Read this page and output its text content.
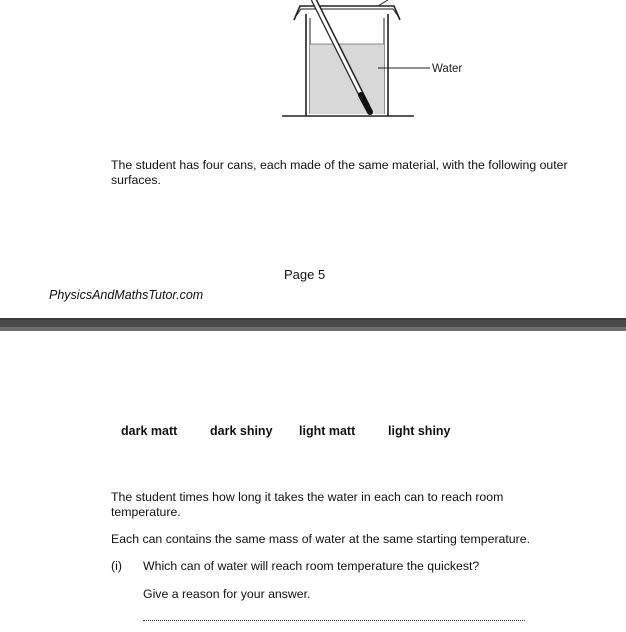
Water
The student has four cans, each made of the same material, with the following outer surfaces.
Page 5
PhysicsAndMathsTutor.com
dark matt	dark shiny light matt	light shiny
The student times how long it takes the water in each can to reach room temperature.
Each can contains the same mass of water at the same starting temperature.
(i) Which can of water will reach room temperature the quickest?
Give a reason for your answer.
